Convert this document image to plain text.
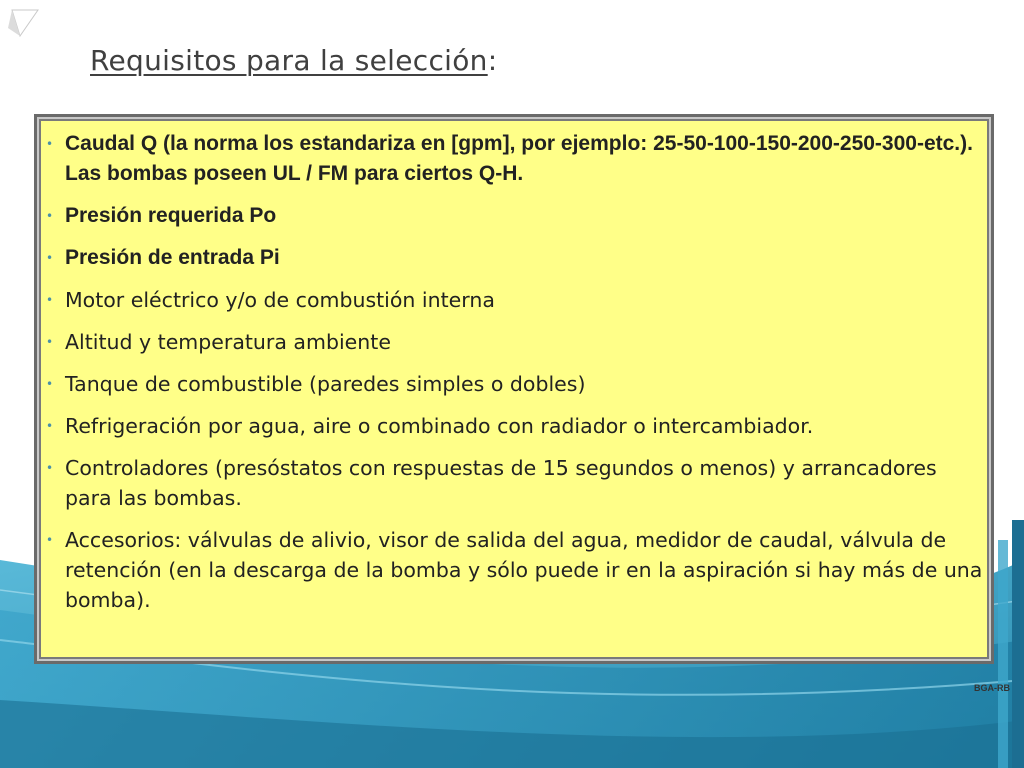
Requisitos para la selección:
• Caudal Q (la norma los estandariza en [gpm], por ejemplo: 25-50-100-150-200-250-300-etc.). Las bombas poseen UL / FM para ciertos Q-H.
• Presión requerida Po
• Presión de entrada Pi
• Motor eléctrico y/o de combustión interna
• Altitud y temperatura ambiente
• Tanque de combustible (paredes simples o dobles)
• Refrigeración por agua, aire o combinado con radiador o intercambiador.
• Controladores (presóstatos con respuestas de 15 segundos o menos) y arrancadores para las bombas.
• Accesorios: válvulas de alivio, visor de salida del agua, medidor de caudal, válvula de retención (en la descarga de la bomba y sólo puede ir en la aspiración si hay más de una bomba).
BGA-RB
